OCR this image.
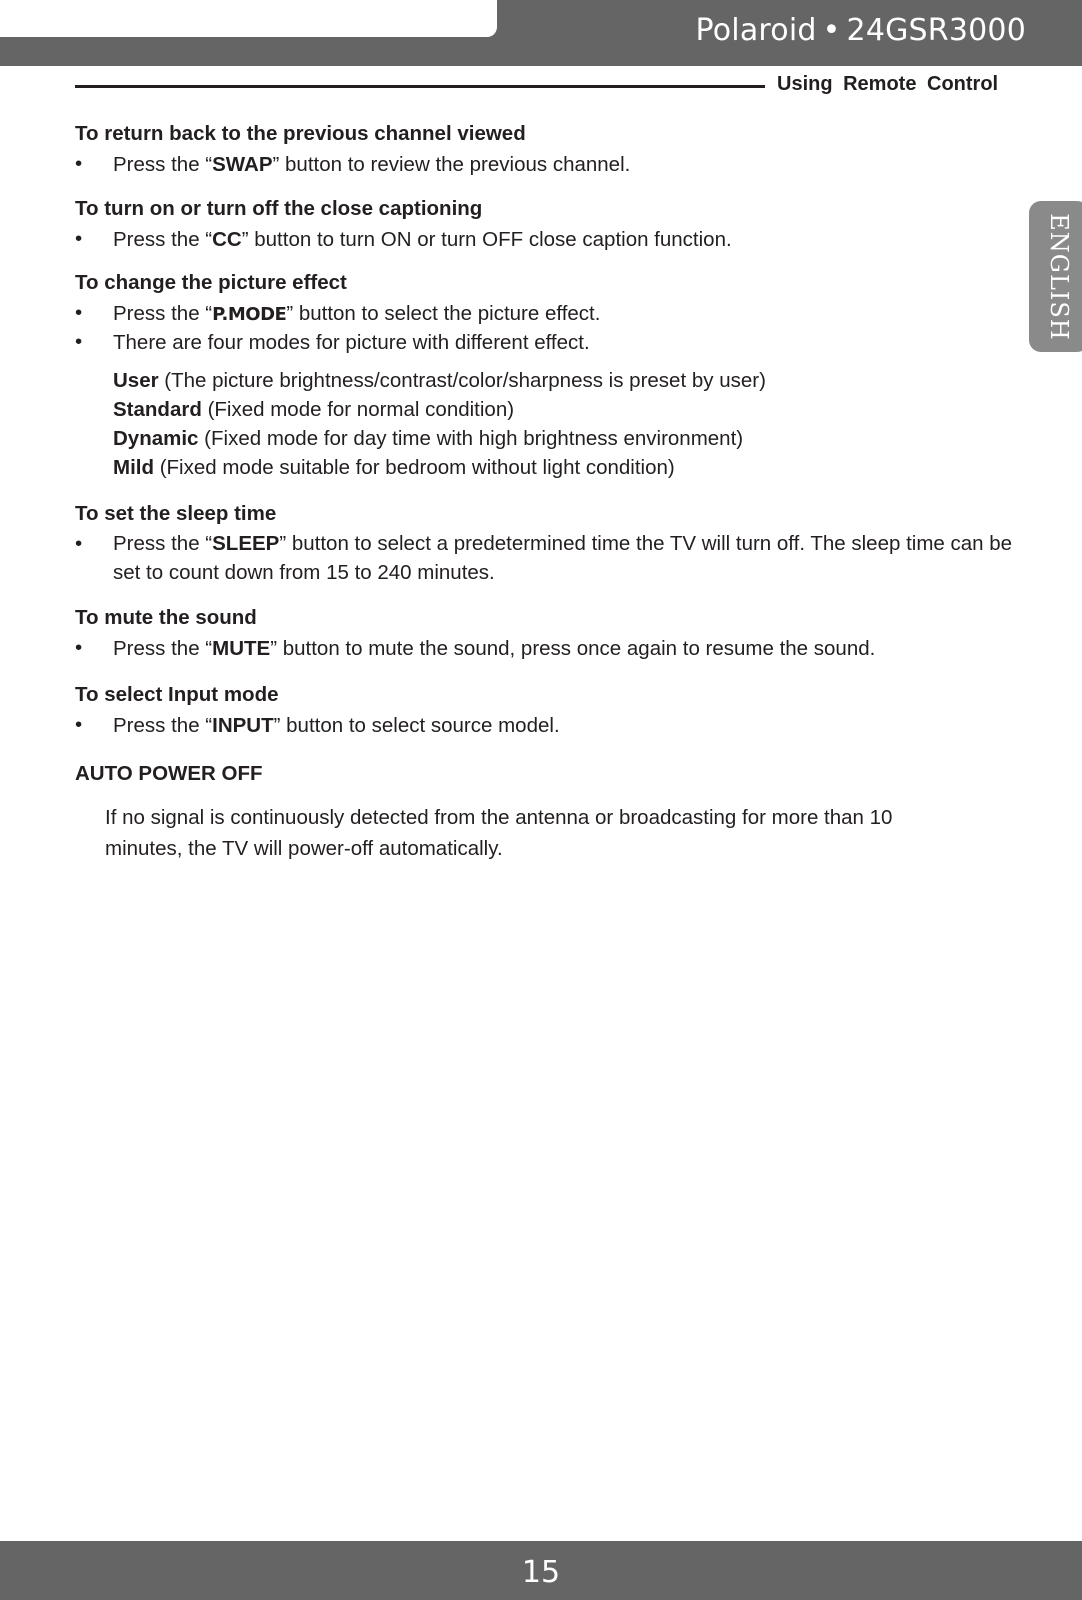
Polaroid • 24GSR3000
Using Remote Control
ENGLISH
To return back to the previous channel viewed
• Press the “SWAP” button to review the previous channel.
To turn on or turn off the close captioning
• Press the “CC” button to turn ON or turn OFF close caption function.
To change the picture effect
• Press the “P.MODE” button to select the picture effect.
• There are four modes for picture with different effect.
User (The picture brightness/contrast/color/sharpness is preset by user)
Standard (Fixed mode for normal condition)
Dynamic (Fixed mode for day time with high brightness environment)
Mild (Fixed mode suitable for bedroom without light condition)
To set the sleep time
• Press the “SLEEP” button to select a predetermined time the TV will turn off. The sleep time can be set to count down from 15 to 240 minutes.
To mute the sound
• Press the “MUTE” button to mute the sound, press once again to resume the sound.
To select Input mode
• Press the “INPUT” button to select source model.
AUTO POWER OFF
If no signal is continuously detected from the antenna or broadcasting for more than 10 minutes, the TV will power-off automatically.
15
